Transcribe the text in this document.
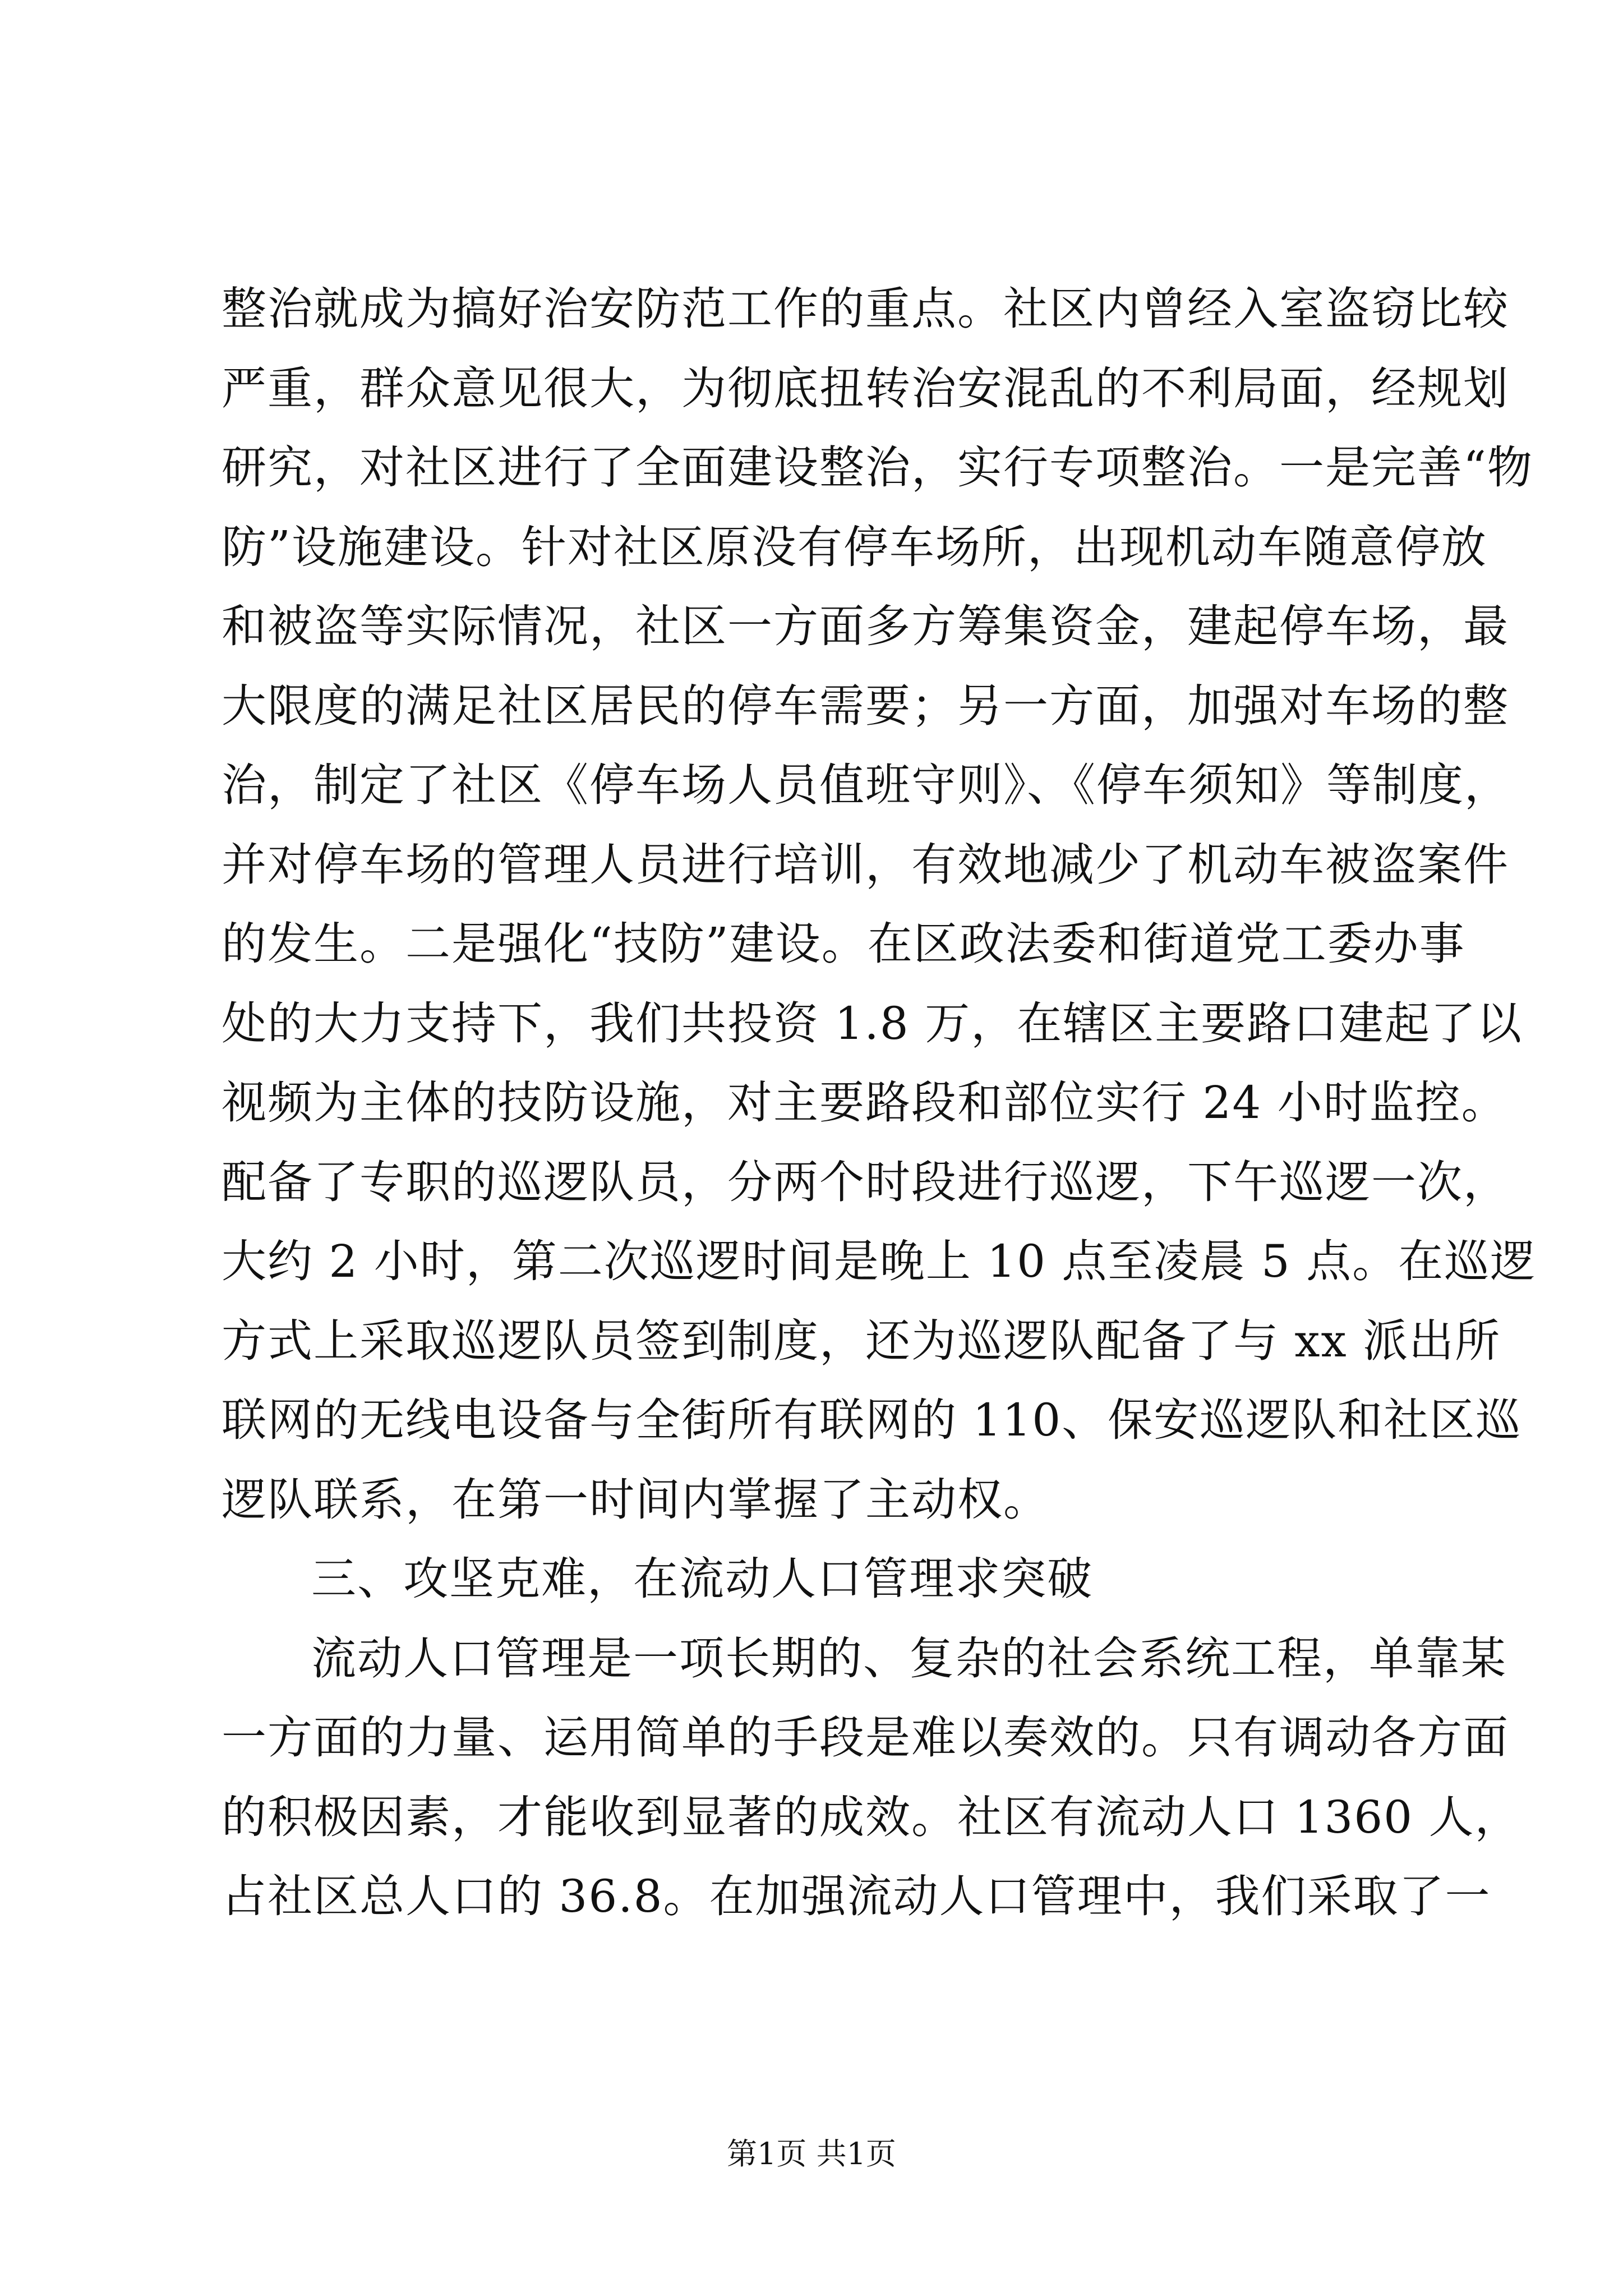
整治就成为搞好治安防范工作的重点。社区内曾经入室盗窃比较
严重，群众意见很大，为彻底扭转治安混乱的不利局面，经规划
研究，对社区进行了全面建设整治，实行专项整治。一是完善“物
防”设施建设。针对社区原没有停车场所，出现机动车随意停放
和被盗等实际情况，社区一方面多方筹集资金，建起停车场，最
大限度的满足社区居民的停车需要；另一方面，加强对车场的整
治，制定了社区《停车场人员值班守则》、《停车须知》等制度，
并对停车场的管理人员进行培训，有效地减少了机动车被盗案件
的发生。二是强化“技防”建设。在区政法委和街道党工委办事
处的大力支持下，我们共投资 1.8 万，在辖区主要路口建起了以
视频为主体的技防设施，对主要路段和部位实行 24 小时监控。
配备了专职的巡逻队员，分两个时段进行巡逻，下午巡逻一次，
大约 2 小时，第二次巡逻时间是晚上 10 点至凌晨 5 点。在巡逻
方式上采取巡逻队员签到制度，还为巡逻队配备了与 xx 派出所
联网的无线电设备与全街所有联网的 110、保安巡逻队和社区巡
逻队联系，在第一时间内掌握了主动权。
三、攻坚克难，在流动人口管理求突破
流动人口管理是一项长期的、复杂的社会系统工程，单靠某
一方面的力量、运用简单的手段是难以奏效的。只有调动各方面
的积极因素，才能收到显著的成效。社区有流动人口 1360 人，
占社区总人口的 36.8。在加强流动人口管理中，我们采取了一
第1页 共1页
